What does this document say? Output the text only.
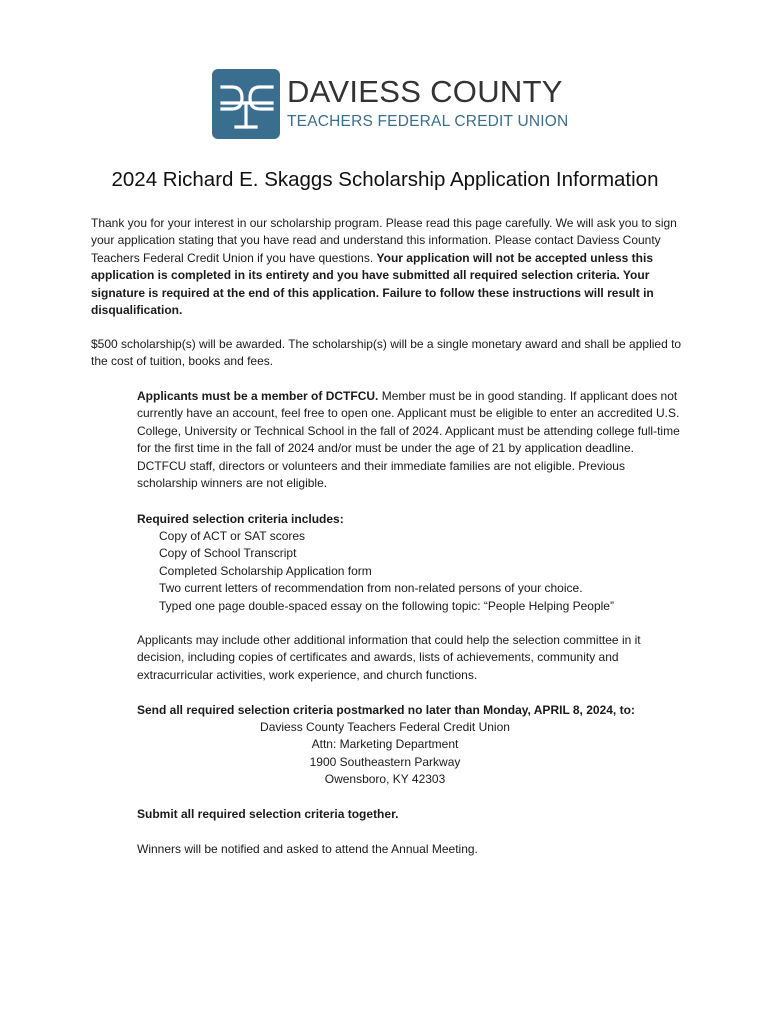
DAVIESS COUNTY
TEACHERS FEDERAL CREDIT UNION
2024 Richard E. Skaggs Scholarship Application Information
Thank you for your interest in our scholarship program. Please read this page carefully. We will ask you to sign your application stating that you have read and understand this information. Please contact Daviess County Teachers Federal Credit Union if you have questions. Your application will not be accepted unless this application is completed in its entirety and you have submitted all required selection criteria. Your signature is required at the end of this application. Failure to follow these instructions will result in disqualification.
$500 scholarship(s) will be awarded. The scholarship(s) will be a single monetary award and shall be applied to the cost of tuition, books and fees.
Applicants must be a member of DCTFCU. Member must be in good standing. If applicant does not currently have an account, feel free to open one. Applicant must be eligible to enter an accredited U.S. College, University or Technical School in the fall of 2024. Applicant must be attending college full-time for the first time in the fall of 2024 and/or must be under the age of 21 by application deadline. DCTFCU staff, directors or volunteers and their immediate families are not eligible. Previous scholarship winners are not eligible.
Required selection criteria includes:
Copy of ACT or SAT scores
Copy of School Transcript
Completed Scholarship Application form
Two current letters of recommendation from non-related persons of your choice.
Typed one page double-spaced essay on the following topic: “People Helping People”
Applicants may include other additional information that could help the selection committee in it decision, including copies of certificates and awards, lists of achievements, community and extracurricular activities, work experience, and church functions.
Send all required selection criteria postmarked no later than Monday, APRIL 8, 2024, to:
Daviess County Teachers Federal Credit Union
Attn: Marketing Department
1900 Southeastern Parkway
Owensboro, KY 42303
Submit all required selection criteria together.
Winners will be notified and asked to attend the Annual Meeting.
